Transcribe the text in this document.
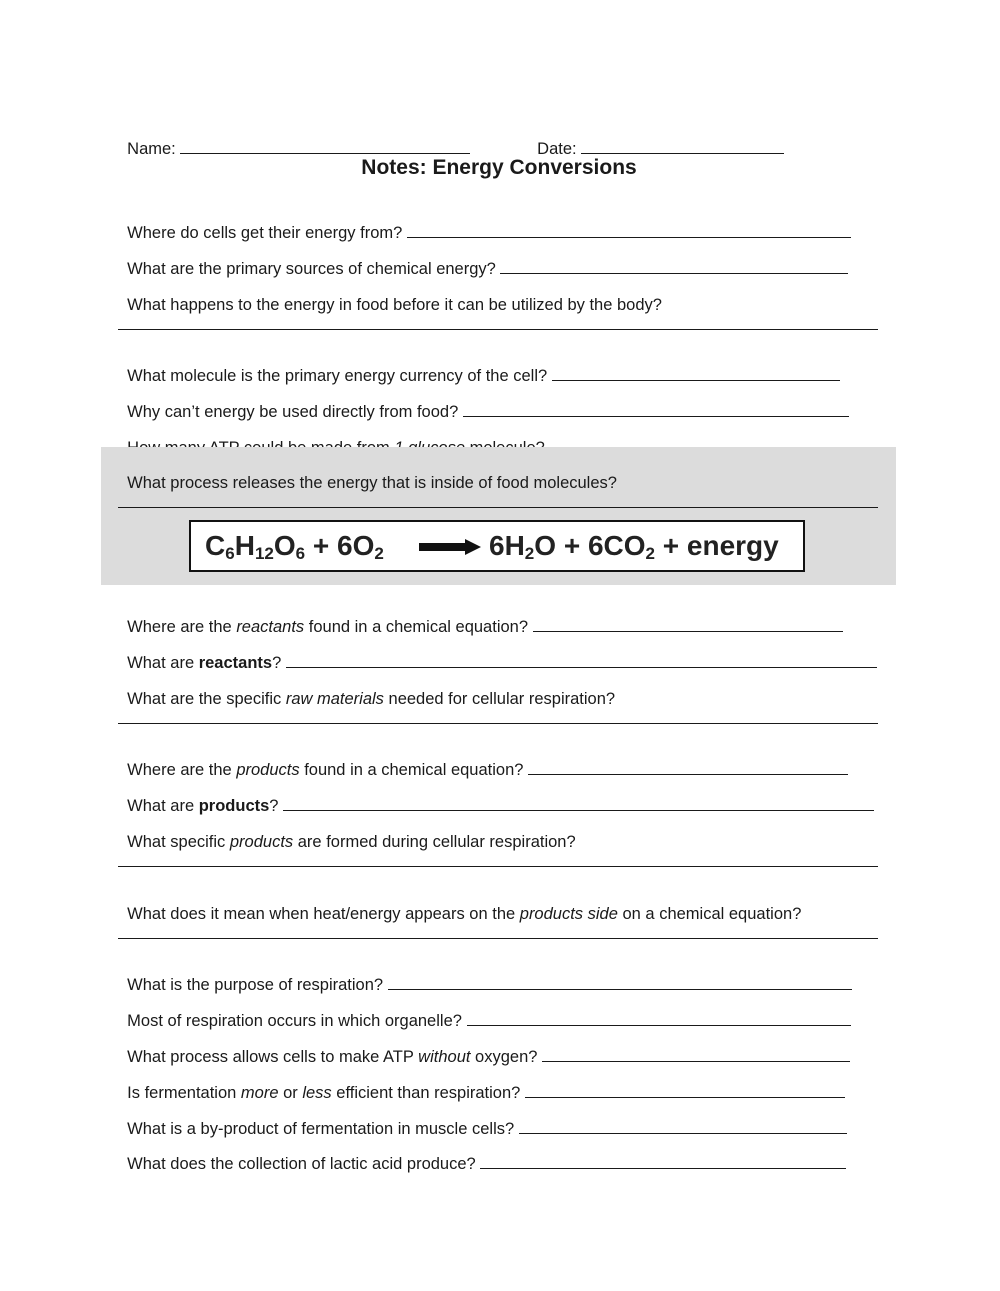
Name:	Date:

Notes: Energy Conversions

Where do cells get their energy from?

What are the primary sources of chemical energy?

What happens to the energy in food before it can be utilized by the body?

What molecule is the primary energy currency of the cell?

Why can’t energy be used directly from food?

What process releases the energy that is inside of food molecules?

$C_6H_{12}O_6 + 6O_2$	$6H_2O + 6CO_2$ + energy

Where are the reactants found in a chemical equation?

What are reactants?

What are the specific raw materials needed for cellular respiration?

Where are the products found in a chemical equation?

What are products?

What specific products are formed during cellular respiration?

What does it mean when heat/energy appears on the products side on a chemical equation?

What is the purpose of respiration?

Most of respiration occurs in which organelle?

What process allows cells to make ATP without oxygen?

Is fermentation more or less efficient than respiration?

What is a by-product of fermentation in muscle cells?

What does the collection of lactic acid produce?
